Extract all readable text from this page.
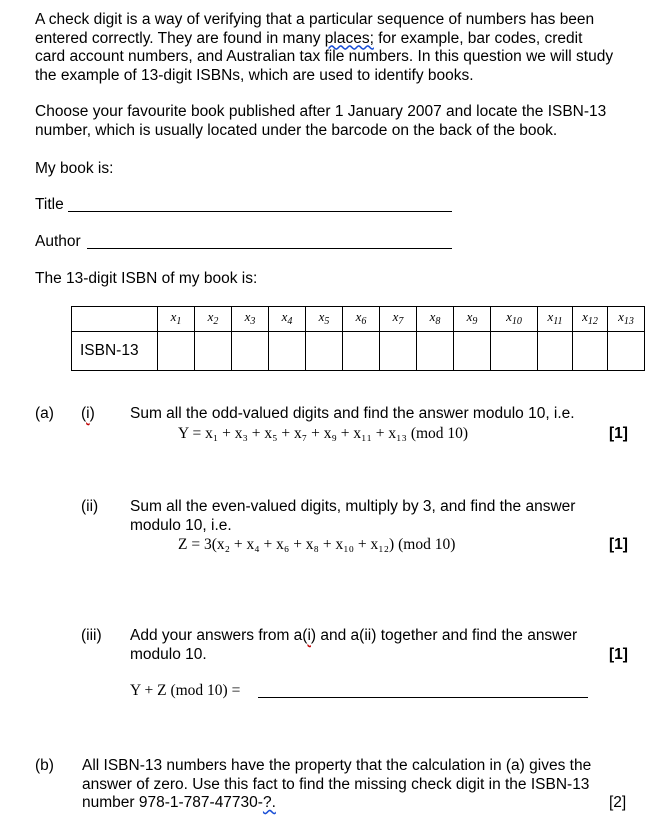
A check digit is a way of verifying that a particular sequence of numbers has been
entered correctly. They are found in many places; for example, bar codes, credit
card account numbers, and Australian tax file numbers. In this question we will study
the example of 13-digit ISBNs, which are used to identify books.
Choose your favourite book published after 1 January 2007 and locate the ISBN-13
number, which is usually located under the barcode on the back of the book.
My book is:
Title
Author
The 13-digit ISBN of my book is:
	$x_1$	$x_2$	$x_3$	$x_4$	$x_5$	$x_6$	$x_7$	$x_8$	$x_9$	$x_{10}$	$x_{11}$	$x_{12}$	$x_{13}$
ISBN-13													
(a) (i) Sum all the odd-valued digits and find the answer modulo 10, i.e.
Y = x₁ + x₃ + x₅ + x₇ + x₉ + x₁₁ + x₁₃ (mod 10)	[1]
(ii) Sum all the even-valued digits, multiply by 3, and find the answer
modulo 10, i.e.
Z = 3(x₂ + x₄ + x₆ + x₈ + x₁₀ + x₁₂) (mod 10)	[1]
(iii) Add your answers from a(i) and a(ii) together and find the answer
modulo 10.	[1]
Y + Z (mod 10) =
(b) All ISBN-13 numbers have the property that the calculation in (a) gives the
answer of zero. Use this fact to find the missing check digit in the ISBN-13
number 978-1-787-47730-?.	[2]
